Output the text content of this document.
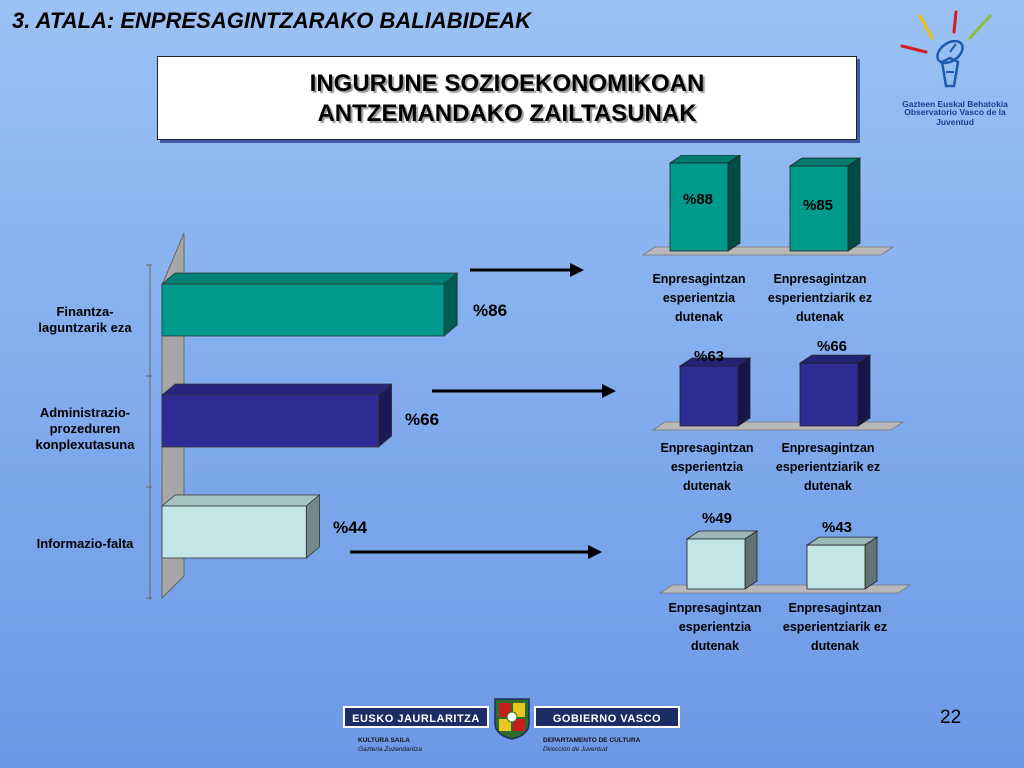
3. ATALA: ENPRESAGINTZARAKO BALIABIDEAK
INGURUNE SOZIOEKONOMIKOAN
ANTZEMANDAKO ZAILTASUNAK	Gazteen Euskal Behatokia
Observatorio Vasco de la Juventud
Finantza-
laguntzarik eza
Administrazio-
prozeduren
konplexutasuna
Informazio-falta
%86
%66
%44
%88	%85
%63
%66
%49
%43
Enpresagintzan
esperientzia
dutenak
Enpresagintzan
esperientziarik ez
dutenak
Enpresagintzan
esperientzia
dutenak
Enpresagintzan
esperientziarik ez
dutenak
Enpresagintzan
esperientzia
dutenak
Enpresagintzan
esperientziarik ez
dutenak
EUSKO JAURLARITZA	GOBIERNO VASCO
KULTURA SAILA
Gazteria Zuzendaritza
DEPARTAMENTO DE CULTURA
Dirección de Juventud
22
